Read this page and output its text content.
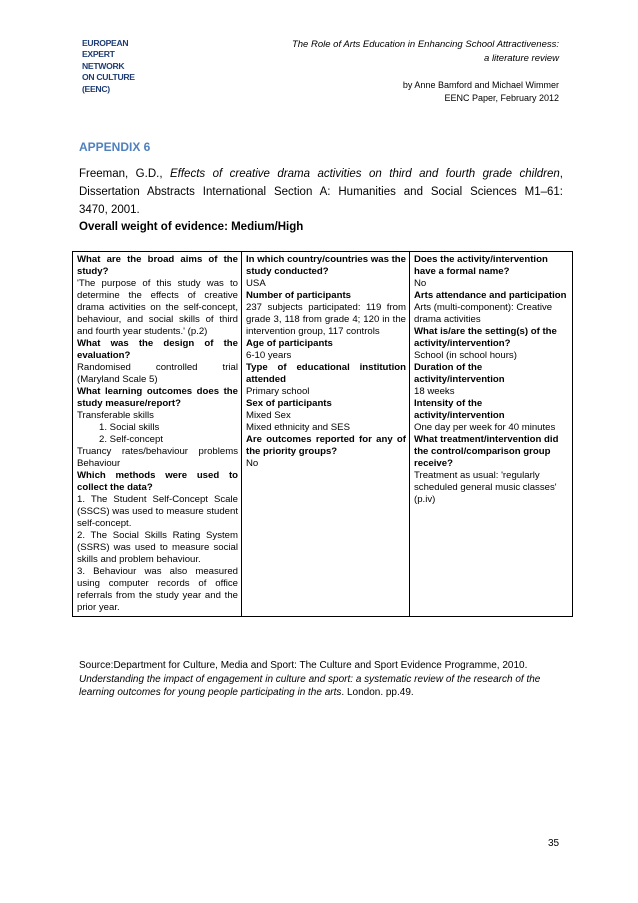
EUROPEAN
EXPERT
NETWORK
ON CULTURE
(EENC)
The Role of Arts Education in Enhancing School Attractiveness:
a literature review
by Anne Bamford and Michael Wimmer
EENC Paper, February 2012
APPENDIX 6
Freeman, G.D., Effects of creative drama activities on third and fourth grade children,
Dissertation Abstracts International Section A: Humanities and Social Sciences M1–61:
3470, 2001.
Overall weight of evidence: Medium/High
What are the broad aims of the study?
'The purpose of this study was to determine the effects of creative drama activities on the self-concept, behaviour, and social skills of third and fourth year students.' (p.2)
What was the design of the evaluation?
Randomised controlled trial (Maryland Scale 5)
What learning outcomes does the study measure/report?
Transferable skills
1. Social skills
2. Self-concept
Truancy rates/behaviour problems Behaviour
Which methods were used to collect the data?
1. The Student Self-Concept Scale (SSCS) was used to measure student self-concept.
2. The Social Skills Rating System (SSRS) was used to measure social skills and problem behaviour.
3. Behaviour was also measured using computer records of office referrals from the study year and the prior year.

In which country/countries was the study conducted?
USA
Number of participants
237 subjects participated: 119 from grade 3, 118 from grade 4; 120 in the intervention group, 117 controls
Age of participants
6-10 years
Type of educational institution attended
Primary school
Sex of participants
Mixed Sex
Mixed ethnicity and SES
Are outcomes reported for any of the priority groups?
No

Does the activity/intervention have a formal name?
No
Arts attendance and participation
Arts (multi-component): Creative drama activities
What is/are the setting(s) of the activity/intervention?
School (in school hours)
Duration of the activity/intervention
18 weeks
Intensity of the activity/intervention
One day per week for 40 minutes
What treatment/intervention did the control/comparison group receive?
Treatment as usual: 'regularly scheduled general music classes' (p.iv)
Source:Department for Culture, Media and Sport: The Culture and Sport Evidence Programme, 2010. Understanding the impact of engagement in culture and sport: a systematic review of the research of the learning outcomes for young people participating in the arts. London. pp.49.
35
